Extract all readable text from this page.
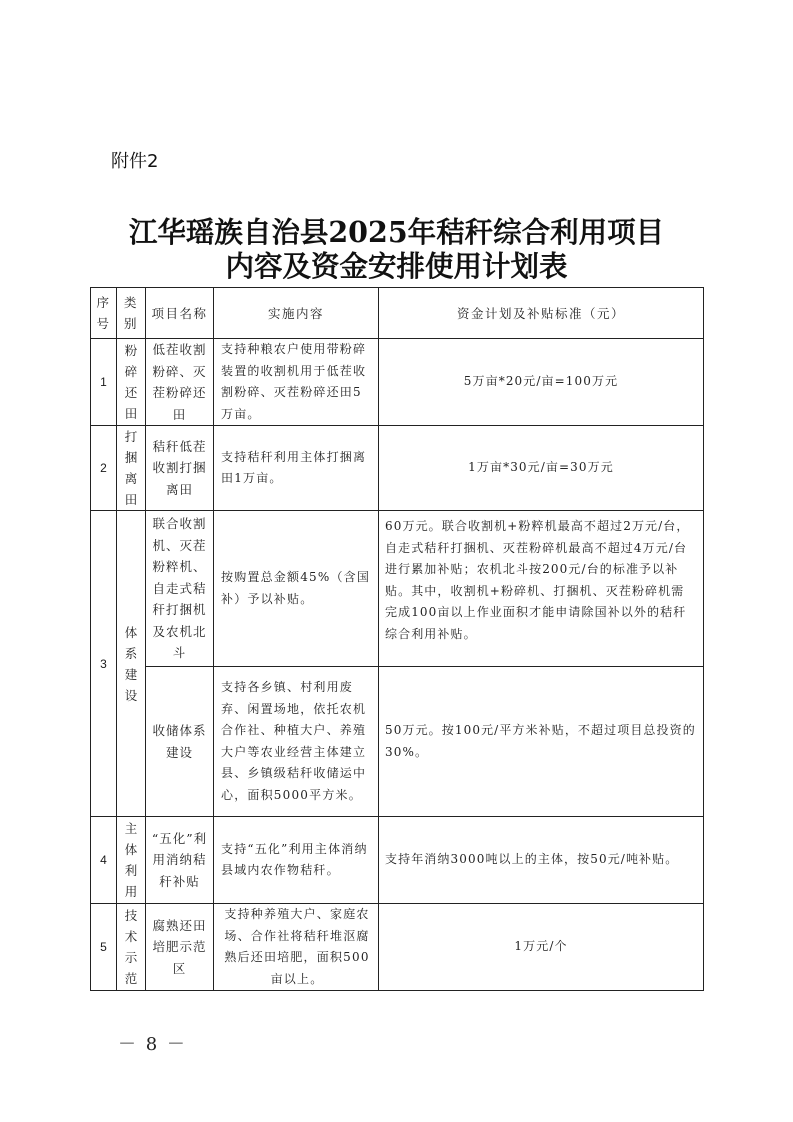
附件2
江华瑶族自治县2025年秸秆综合利用项目
内容及资金安排使用计划表
序
号	类
别	项目名称	实施内容	资金计划及补贴标准（元）
1	粉
碎
还
田	低茬收割粉碎、灭茬粉碎还田	支持种粮农户使用带粉碎装置的收割机用于低茬收割粉碎、灭茬粉碎还田5万亩。	5万亩*20元/亩=100万元
2	打
捆
离
田	秸秆低茬收割打捆离田	支持秸秆利用主体打捆离田1万亩。	1万亩*30元/亩=30万元
3	体
系
建
设	联合收割机、灭茬粉粹机、自走式秸秆打捆机及农机北斗	按购置总金额45%（含国补）予以补贴。	60万元。联合收割机+粉粹机最高不超过2万元/台，自走式秸秆打捆机、灭茬粉碎机最高不超过4万元/台进行累加补贴；农机北斗按200元/台的标准予以补贴。其中，收割机+粉碎机、打捆机、灭茬粉碎机需完成100亩以上作业面积才能申请除国补以外的秸秆综合利用补贴。
		收储体系建设	支持各乡镇、村利用废弃、闲置场地，依托农机合作社、种植大户、养殖大户等农业经营主体建立县、乡镇级秸秆收储运中心，面积5000平方米。	50万元。按100元/平方米补贴，不超过项目总投资的30%。
4	主
体
利
用	“五化”利用消纳秸秆补贴	支持“五化”利用主体消纳县域内农作物秸秆。	支持年消纳3000吨以上的主体，按50元/吨补贴。
5	技
术
示
范	腐熟还田培肥示范区	支持种养殖大户、家庭农场、合作社将秸秆堆沤腐熟后还田培肥，面积500亩以上。	1万元/个
－ 8 －
